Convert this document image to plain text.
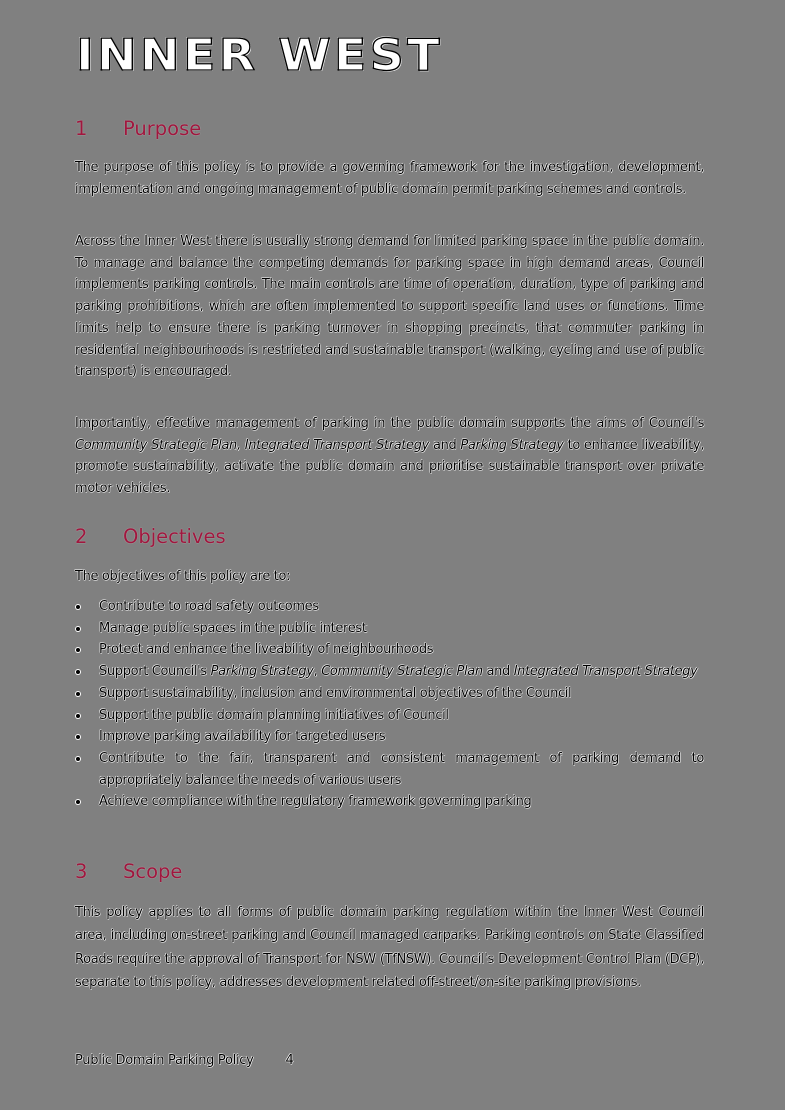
INNER WEST
1	Purpose

The purpose of this policy is to provide a governing framework for the investigation, development, implementation and ongoing management of public domain permit parking schemes and controls.

Across the Inner West there is usually strong demand for limited parking space in the public domain. To manage and balance the competing demands for parking space in high demand areas, Council implements parking controls. The main controls are time of operation, duration, type of parking and parking prohibitions, which are often implemented to support specific land uses or functions. Time limits help to ensure there is parking turnover in shopping precincts, that commuter parking in residential neighbourhoods is restricted and sustainable transport (walking, cycling and use of public transport) is encouraged.

Importantly, effective management of parking in the public domain supports the aims of Council's Community Strategic Plan, Integrated Transport Strategy and Parking Strategy to enhance liveability, promote sustainability, activate the public domain and prioritise sustainable transport over private motor vehicles.

2	Objectives

The objectives of this policy are to:

Contribute to road safety outcomes
Manage public spaces in the public interest
Protect and enhance the liveability of neighbourhoods
Support Council's Parking Strategy, Community Strategic Plan and Integrated Transport Strategy
Support sustainability, inclusion and environmental objectives of the Council
Support the public domain planning initiatives of Council
Improve parking availability for targeted users
Contribute to the fair, transparent and consistent management of parking demand to appropriately balance the needs of various users
Achieve compliance with the regulatory framework governing parking
3	Scope

This policy applies to all forms of public domain parking regulation within the Inner West Council area, including on-street parking and Council managed carparks. Parking controls on State Classified Roads require the approval of Transport for NSW (TfNSW). Council's Development Control Plan (DCP), separate to this policy, addresses development related off-street/on-site parking provisions.

Public Domain Parking Policy 4
